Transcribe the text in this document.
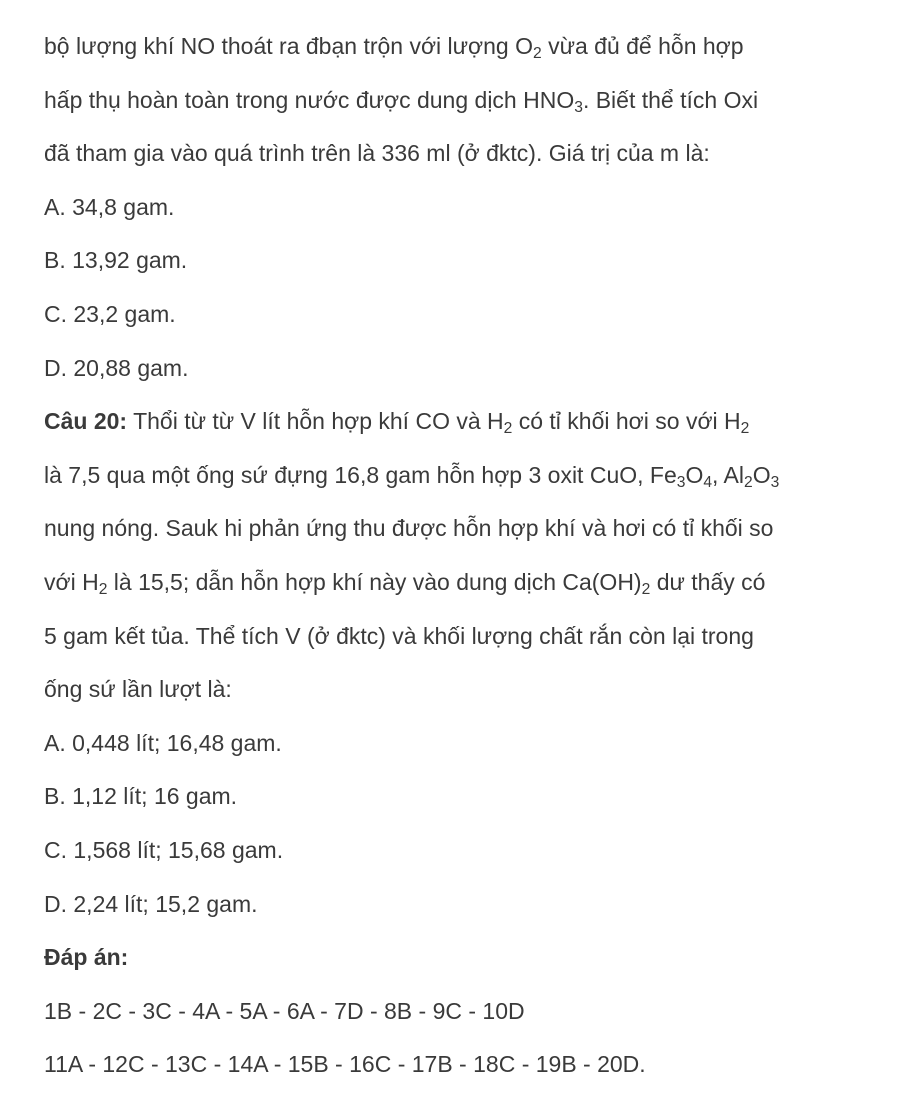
bộ lượng khí NO thoát ra đbạn trộn với lượng $O_2$ vừa đủ để hỗn hợp
hấp thụ hoàn toàn trong nước được dung dịch $HNO_3$. Biết thể tích Oxi
đã tham gia vào quá trình trên là 336 ml (ở đktc). Giá trị của m là:
A. 34,8 gam.
B. 13,92 gam.
C. 23,2 gam.
D. 20,88 gam.
Câu 20: Thổi từ từ V lít hỗn hợp khí CO và $H_2$ có tỉ khối hơi so với $H_2$
là 7,5 qua một ống sứ đựng 16,8 gam hỗn hợp 3 oxit CuO, $Fe_3O_4$, $Al_2O_3$
nung nóng. Sauk hi phản ứng thu được hỗn hợp khí và hơi có tỉ khối so
với $H_2$ là 15,5; dẫn hỗn hợp khí này vào dung dịch $Ca(OH)_2$ dư thấy có
5 gam kết tủa. Thể tích V (ở đktc) và khối lượng chất rắn còn lại trong
ống sứ lần lượt là:
A. 0,448 lít; 16,48 gam.
B. 1,12 lít; 16 gam.
C. 1,568 lít; 15,68 gam.
D. 2,24 lít; 15,2 gam.
Đáp án:
1B - 2C - 3C - 4A - 5A - 6A - 7D - 8B - 9C - 10D
11A - 12C - 13C - 14A - 15B - 16C - 17B - 18C - 19B - 20D.
